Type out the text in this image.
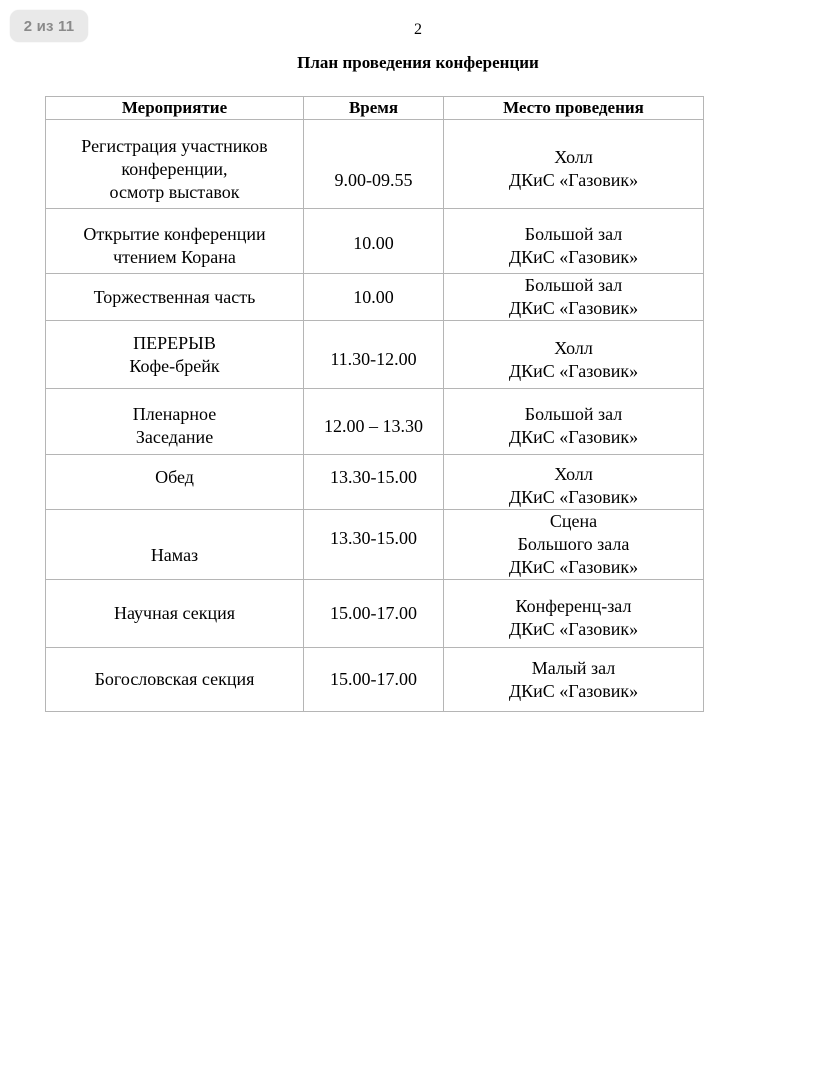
2 из 11	2
План проведения конференции
Мероприятие	Время	Место проведения

Регистрация участников
конференции,
осмотр выставок	9.00-09.55	Холл
ДКиС «Газовик»

Открытие конференции
чтением Корана	10.00	Большой зал
ДКиС «Газовик»

Торжественная часть	10.00	Большой зал
ДКиС «Газовик»

ПЕРЕРЫВ
Кофе-брейк	11.30-12.00	Холл
ДКиС «Газовик»

Пленарное
Заседание	12.00 – 13.30	Большой зал
ДКиС «Газовик»

Обед	13.30-15.00	Холл
ДКиС «Газовик»

Намаз	13.30-15.00	Сцена
Большого зала
ДКиС «Газовик»

Научная секция	15.00-17.00	Конференц-зал
ДКиС «Газовик»

Богословская секция	15.00-17.00	Малый зал
ДКиС «Газовик»
